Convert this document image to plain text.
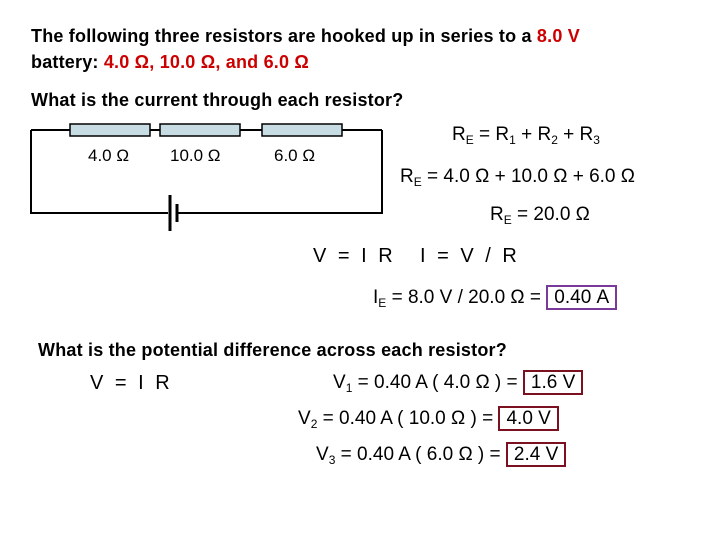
The following three resistors are hooked up in series to a 8.0 V
battery: 4.0 Ω, 10.0 Ω, and 6.0 Ω
What is the current through each resistor?
4.0 Ω 10.0 Ω	6.0 Ω
$R_E = R_1 + R_2 + R_3$
$R_E = 4.0$ Ω + 10.0 Ω + 6.0 Ω
$R_E = 20.0$ Ω
V = I R I = V / R
$I_E = 8.0$ V / 20.0 Ω = 0.40 A
What is the potential difference across each resistor?
V = I R	$V_1 = 0.40$ A ( 4.0 Ω ) = 1.6 V
$V_2 = 0.40$ A ( 10.0 Ω ) = 4.0 V
$V_3 = 0.40$ A ( 6.0 Ω ) = 2.4 V
